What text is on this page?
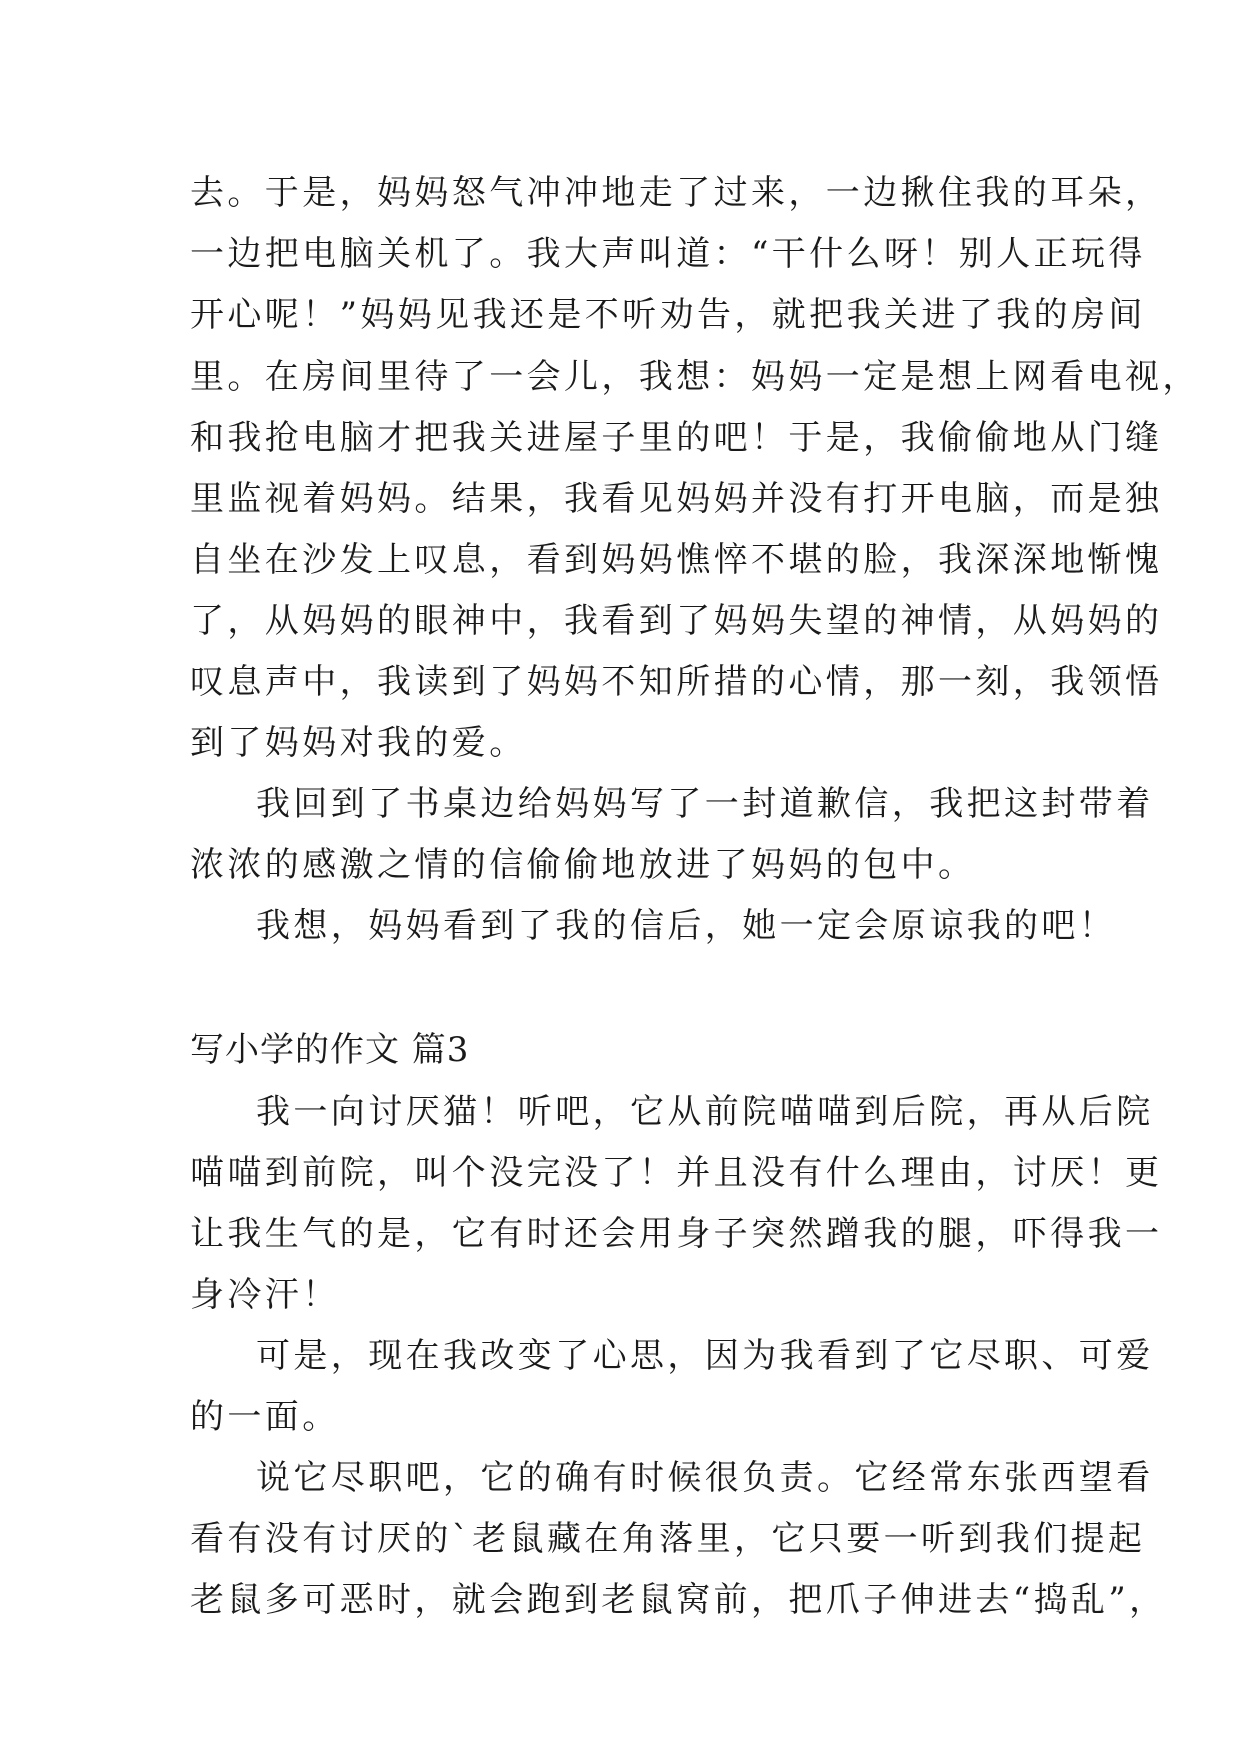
去。于是，妈妈怒气冲冲地走了过来，一边揪住我的耳朵，
一边把电脑关机了。我大声叫道：“干什么呀！别人正玩得
开心呢！”妈妈见我还是不听劝告，就把我关进了我的房间
里。在房间里待了一会儿，我想：妈妈一定是想上网看电视，
和我抢电脑才把我关进屋子里的吧！于是，我偷偷地从门缝
里监视着妈妈。结果，我看见妈妈并没有打开电脑，而是独
自坐在沙发上叹息，看到妈妈憔悴不堪的脸，我深深地惭愧
了，从妈妈的眼神中，我看到了妈妈失望的神情，从妈妈的
叹息声中，我读到了妈妈不知所措的心情，那一刻，我领悟
到了妈妈对我的爱。
我回到了书桌边给妈妈写了一封道歉信，我把这封带着
浓浓的感激之情的信偷偷地放进了妈妈的包中。
我想，妈妈看到了我的信后，她一定会原谅我的吧！
写小学的作文 篇3
我一向讨厌猫！听吧，它从前院喵喵到后院，再从后院
喵喵到前院，叫个没完没了！并且没有什么理由，讨厌！更
让我生气的是，它有时还会用身子突然蹭我的腿，吓得我一
身冷汗！
可是，现在我改变了心思，因为我看到了它尽职、可爱
的一面。
说它尽职吧，它的确有时候很负责。它经常东张西望看
看有没有讨厌的`老鼠藏在角落里，它只要一听到我们提起
老鼠多可恶时，就会跑到老鼠窝前，把爪子伸进去“捣乱”，
